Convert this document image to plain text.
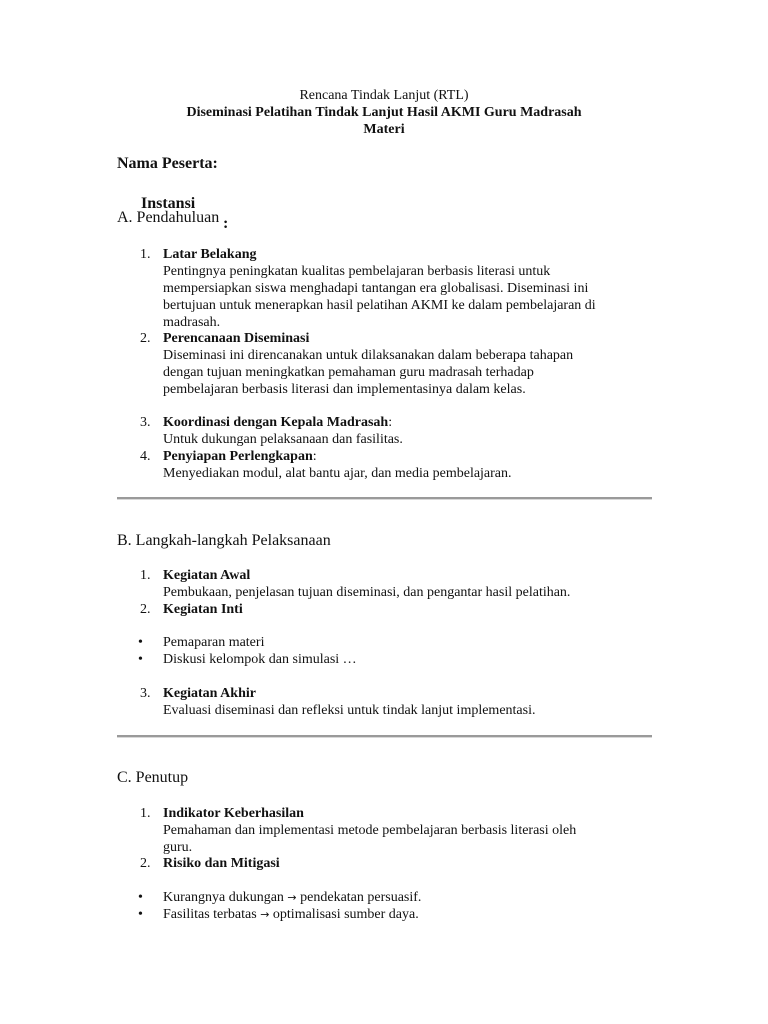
Rencana Tindak Lanjut (RTL)
Diseminasi Pelatihan Tindak Lanjut Hasil AKMI Guru Madrasah
Materi
Nama Peserta:

Instansi

:

A. Pendahuluan
1. Latar Belakang
Pentingnya peningkatan kualitas pembelajaran berbasis literasi untuk
mempersiapkan siswa menghadapi tantangan era globalisasi. Diseminasi ini
bertujuan untuk menerapkan hasil pelatihan AKMI ke dalam pembelajaran di
madrasah.
2. Perencanaan Diseminasi
Diseminasi ini direncanakan untuk dilaksanakan dalam beberapa tahapan
dengan tujuan meningkatkan pemahaman guru madrasah terhadap
pembelajaran berbasis literasi dan implementasinya dalam kelas.
3. Koordinasi dengan Kepala Madrasah:
Untuk dukungan pelaksanaan dan fasilitas.
4. Penyiapan Perlengkapan:
Menyediakan modul, alat bantu ajar, dan media pembelajaran.
B. Langkah-langkah Pelaksanaan
1. Kegiatan Awal
Pembukaan, penjelasan tujuan diseminasi, dan pengantar hasil pelatihan.
2. Kegiatan Inti
• Pemaparan materi
• Diskusi kelompok dan simulasi …
3. Kegiatan Akhir
Evaluasi diseminasi dan refleksi untuk tindak lanjut implementasi.
C. Penutup
1. Indikator Keberhasilan
Pemahaman dan implementasi metode pembelajaran berbasis literasi oleh
guru.
2. Risiko dan Mitigasi
• Kurangnya dukungan → pendekatan persuasif.
• Fasilitas terbatas → optimalisasi sumber daya.
